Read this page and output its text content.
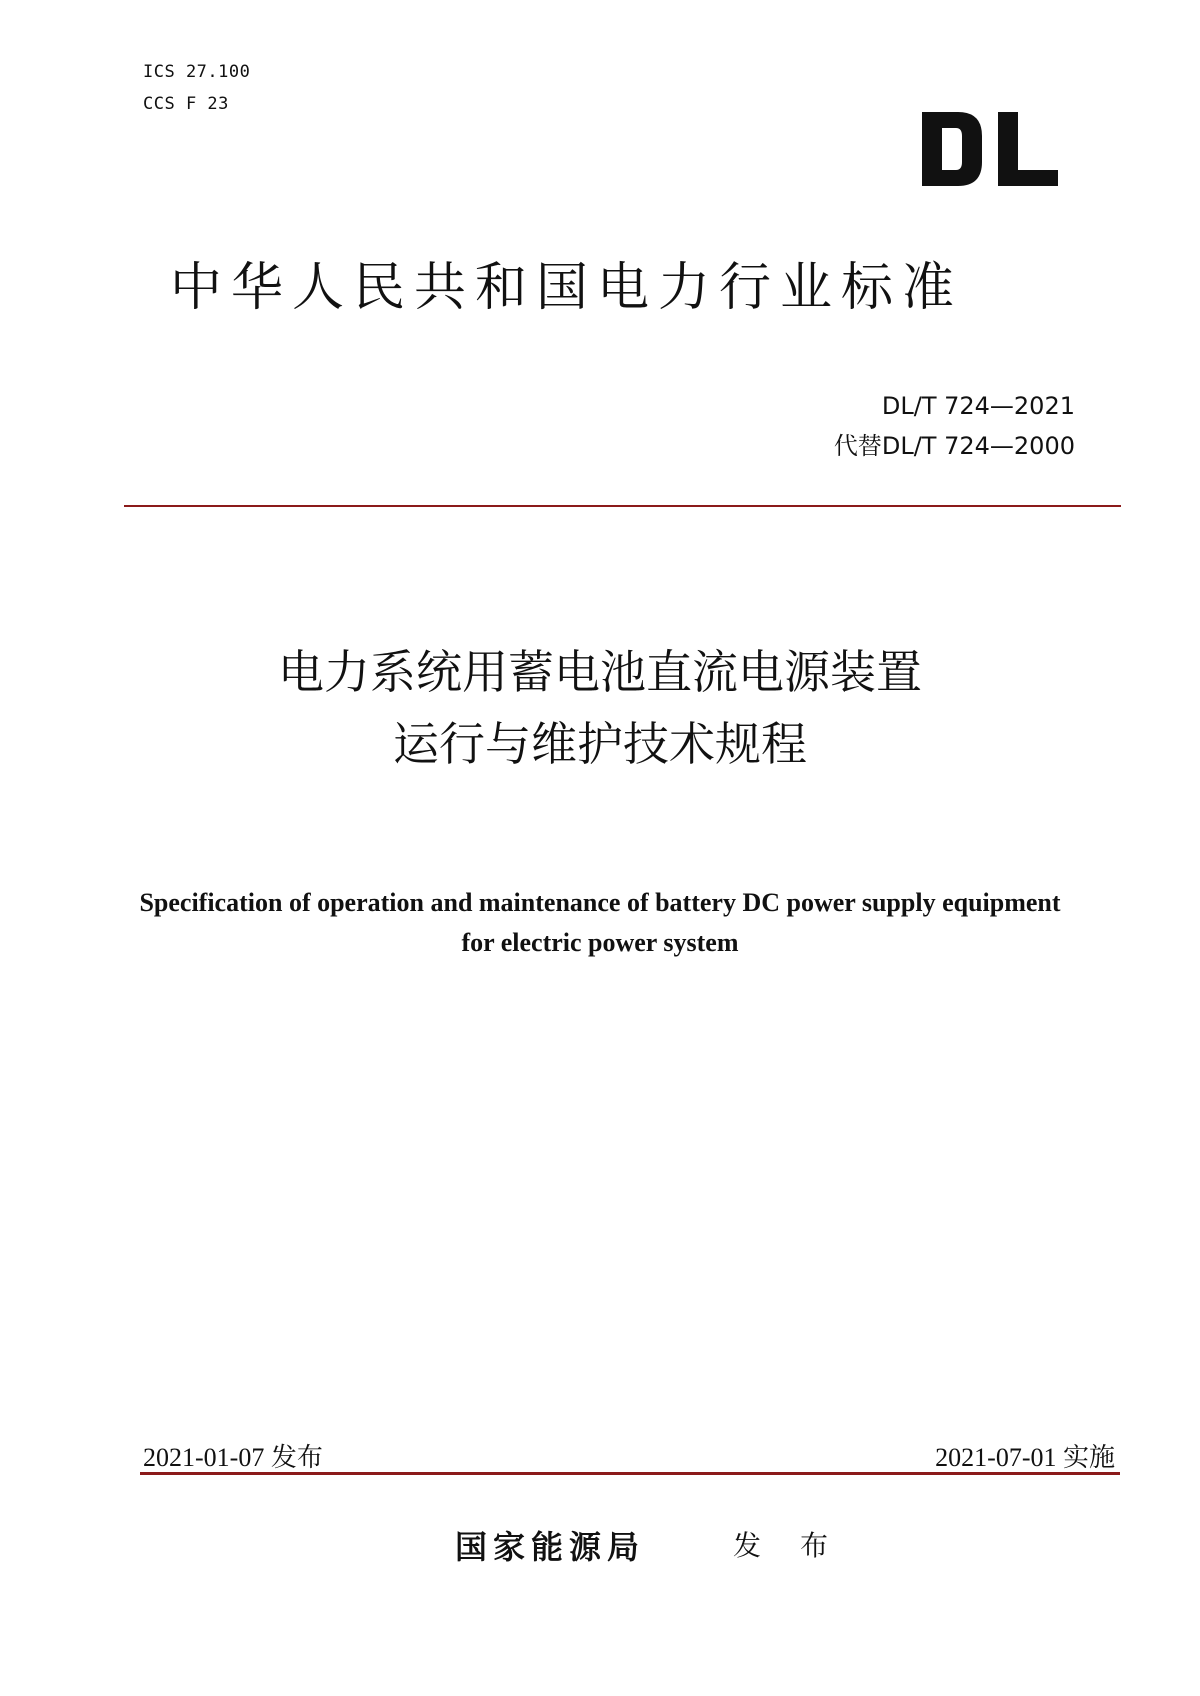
ICS 27.100
CCS F 23
中华人民共和国电力行业标准
DL/T 724—2021
代替DL/T 724—2000
电力系统用蓄电池直流电源装置
运行与维护技术规程
Specification of operation and maintenance of battery DC power supply equipment
for electric power system
2021-01-07 发布	2021-07-01 实施
国家能源局	发 布
